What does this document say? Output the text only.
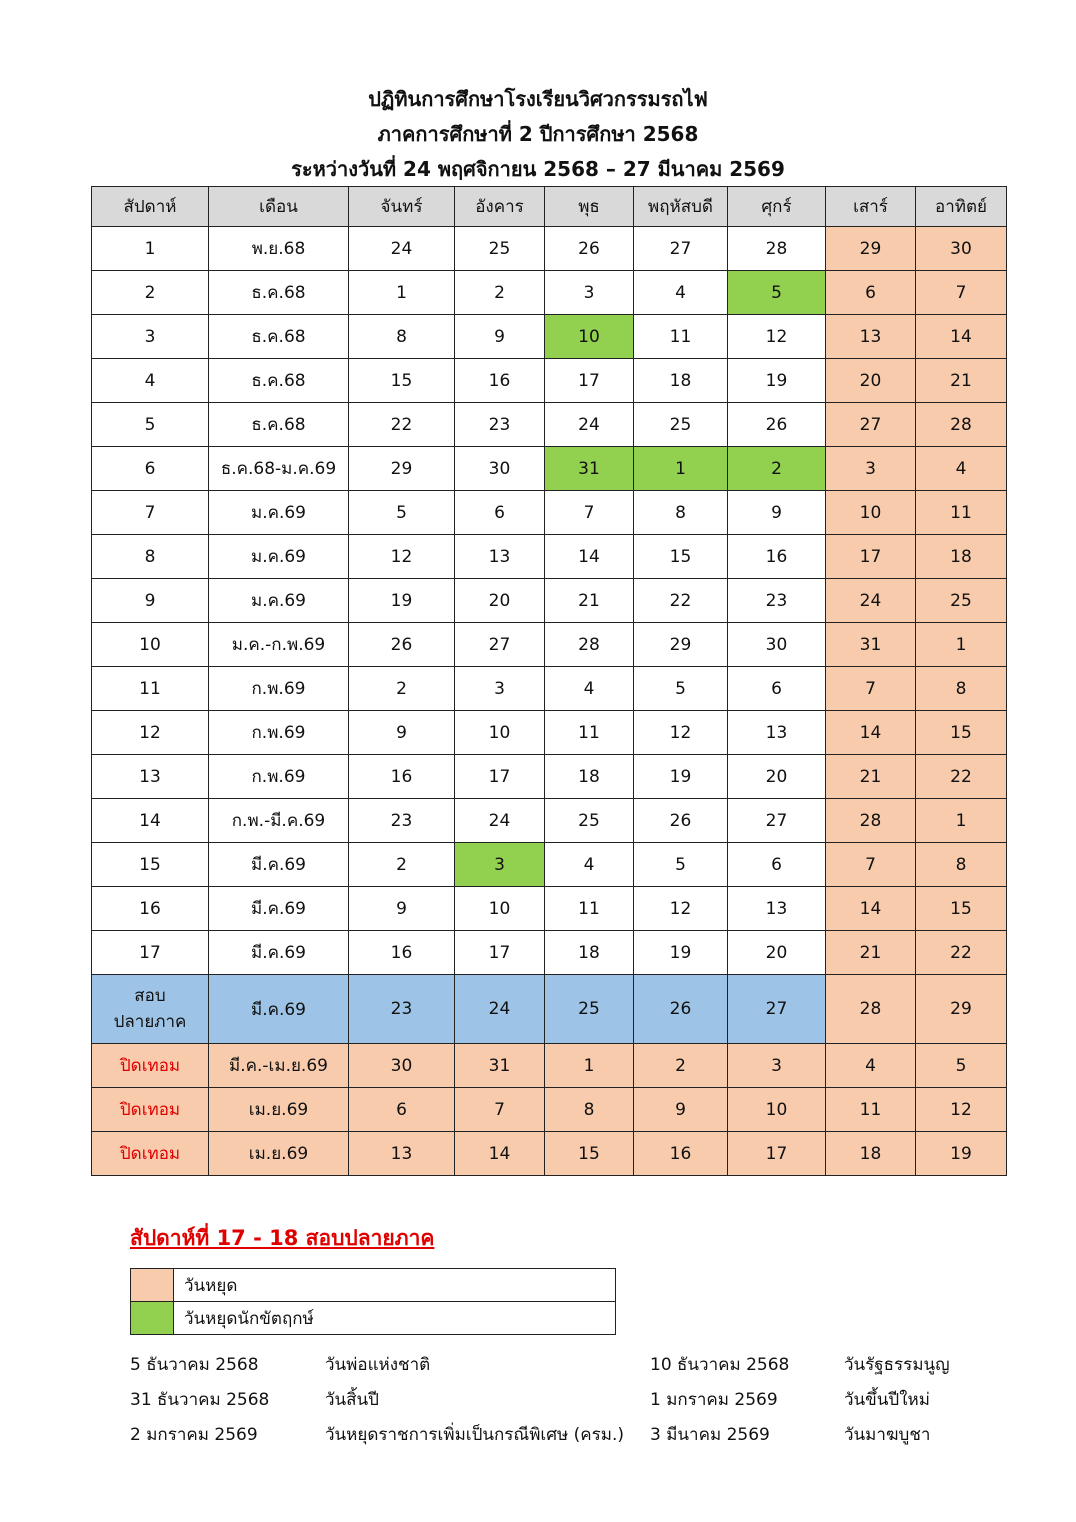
ปฏิทินการศึกษาโรงเรียนวิศวกรรมรถไฟ
ภาคการศึกษาที่ 2 ปีการศึกษา 2568
ระหว่างวันที่ 24 พฤศจิกายน 2568 – 27 มีนาคม 2569
สัปดาห์	เดือน	จันทร์	อังคาร	พุธ	พฤหัสบดี	ศุกร์	เสาร์	อาทิตย์
1	พ.ย.68	24	25	26	27	28	29	30
2	ธ.ค.68	1	2	3	4	5	6	7
3	ธ.ค.68	8	9	10	11	12	13	14
4	ธ.ค.68	15	16	17	18	19	20	21
5	ธ.ค.68	22	23	24	25	26	27	28
6	ธ.ค.68-ม.ค.69	29	30	31	1	2	3	4
7	ม.ค.69	5	6	7	8	9	10	11
8	ม.ค.69	12	13	14	15	16	17	18
9	ม.ค.69	19	20	21	22	23	24	25
10	ม.ค.-ก.พ.69	26	27	28	29	30	31	1
11	ก.พ.69	2	3	4	5	6	7	8
12	ก.พ.69	9	10	11	12	13	14	15
13	ก.พ.69	16	17	18	19	20	21	22
14	ก.พ.-มี.ค.69	23	24	25	26	27	28	1
15	มี.ค.69	2	3	4	5	6	7	8
16	มี.ค.69	9	10	11	12	13	14	15
17	มี.ค.69	16	17	18	19	20	21	22

สอบ
ปลายภาค	มี.ค.69	23	24	25	26	27	28	29
ปิดเทอม	มี.ค.-เม.ย.69	30	31	1	2	3	4	5
ปิดเทอม	เม.ย.69	6	7	8	9	10	11	12
ปิดเทอม	เม.ย.69	13	14	15	16	17	18	19
สัปดาห์ที่ 17 - 18 สอบปลายภาค
	วันหยุด
	วันหยุดนักขัตฤกษ์
5 ธันวาคม 2568	วันพ่อแห่งชาติ	10 ธันวาคม 2568	วันรัฐธรรมนูญ
31 ธันวาคม 2568	วันสิ้นปี	1 มกราคม 2569	วันขึ้นปีใหม่
2 มกราคม 2569	วันหยุดราชการเพิ่มเป็นกรณีพิเศษ (ครม.) 3 มีนาคม 2569	วันมาฆบูชา
